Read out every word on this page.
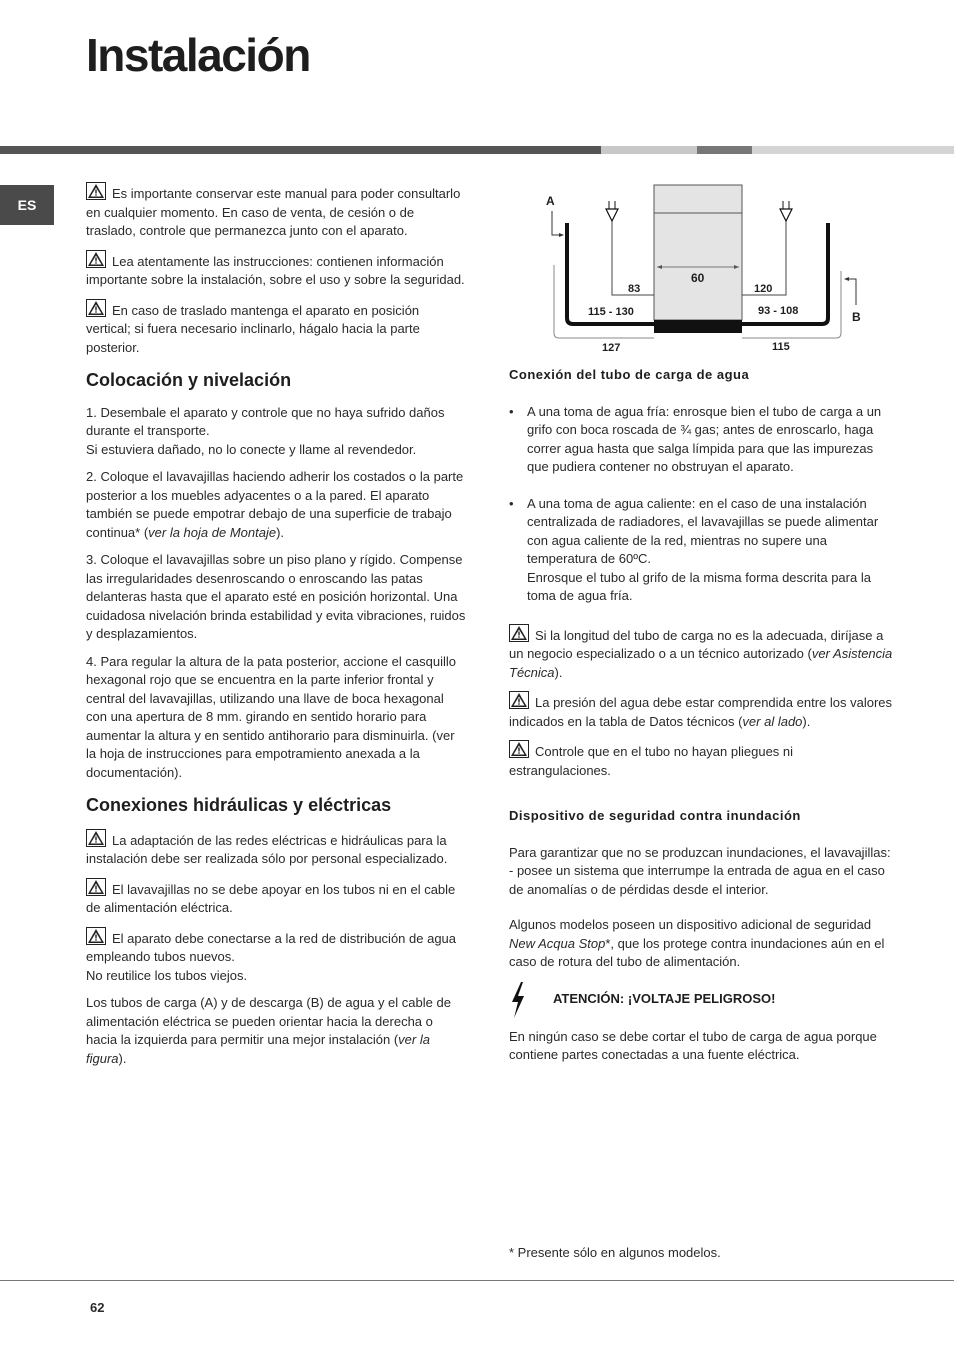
Instalación
ES

Es importante conservar este manual para poder consultarlo en cualquier momento. En caso de venta, de cesión o de traslado, controle que permanezca junto con el aparato.

Lea atentamente las instrucciones: contienen información importante sobre la instalación, sobre el uso y sobre la seguridad.

En caso de traslado mantenga el aparato en posición vertical; si fuera necesario inclinarlo, hágalo hacia la parte posterior.

Colocación y nivelación

1. Desembale el aparato y controle que no haya sufrido daños durante el transporte.
Si estuviera dañado, no lo conecte y llame al revendedor.

2. Coloque el lavavajillas haciendo adherir los costados o la parte posterior a los muebles adyacentes o a la pared. El aparato también se puede empotrar debajo de una superficie de trabajo continua* (ver la hoja de Montaje).

3. Coloque el lavavajillas sobre un piso plano y rígido. Compense las irregularidades desenroscando o enroscando las patas delanteras hasta que el aparato esté en posición horizontal. Una cuidadosa nivelación brinda estabilidad y evita vibraciones, ruidos y desplazamientos.

4. Para regular la altura de la pata posterior, accione el casquillo hexagonal rojo que se encuentra en la parte inferior frontal y central del lavavajillas, utilizando una llave de boca hexagonal con una apertura de 8 mm. girando en sentido horario para aumentar la altura y en sentido antihorario para disminuirla. (ver la hoja de instrucciones para empotramiento anexada a la documentación).

Conexiones hidráulicas y eléctricas

La adaptación de las redes eléctricas e hidráulicas para la instalación debe ser realizada sólo por personal especializado.

El lavavajillas no se debe apoyar en los tubos ni en el cable de alimentación eléctrica.

El aparato debe conectarse a la red de distribución de agua empleando tubos nuevos.
No reutilice los tubos viejos.

Los tubos de carga (A) y de descarga (B) de agua y el cable de alimentación eléctrica se pueden orientar hacia la derecha o hacia la izquierda para permitir una mejor instalación (ver la figura).

60
A
B
83	120
115 - 130	93 - 108
127	115
Conexión del tubo de carga de agua
• A una toma de agua fría: enrosque bien el tubo de carga a un grifo con boca roscada de ¾ gas; antes de enroscarlo, haga correr agua hasta que salga límpida para que las impurezas que pudiera contener no obstruyan el aparato.
• A una toma de agua caliente: en el caso de una instalación centralizada de radiadores, el lavavajillas se puede alimentar con agua caliente de la red, mientras no supere una temperatura de 60ºC.
Enrosque el tubo al grifo de la misma forma descrita para la toma de agua fría.

Si la longitud del tubo de carga no es la adecuada, diríjase a un negocio especializado o a un técnico autorizado (ver Asistencia Técnica).

La presión del agua debe estar comprendida entre los valores indicados en la tabla de Datos técnicos (ver al lado).

Controle que en el tubo no hayan pliegues ni estrangulaciones.

Dispositivo de seguridad contra inundación

Para garantizar que no se produzcan inundaciones, el lavavajillas:
- posee un sistema que interrumpe la entrada de agua en el caso de anomalías o de pérdidas desde el interior.

Algunos modelos poseen un dispositivo adicional de seguridad New Acqua Stop*, que los protege contra inundaciones aún en el caso de rotura del tubo de alimentación.

ATENCIÓN: ¡VOLTAJE PELIGROSO!

En ningún caso se debe cortar el tubo de carga de agua porque contiene partes conectadas a una fuente eléctrica.

* Presente sólo en algunos modelos.
62
